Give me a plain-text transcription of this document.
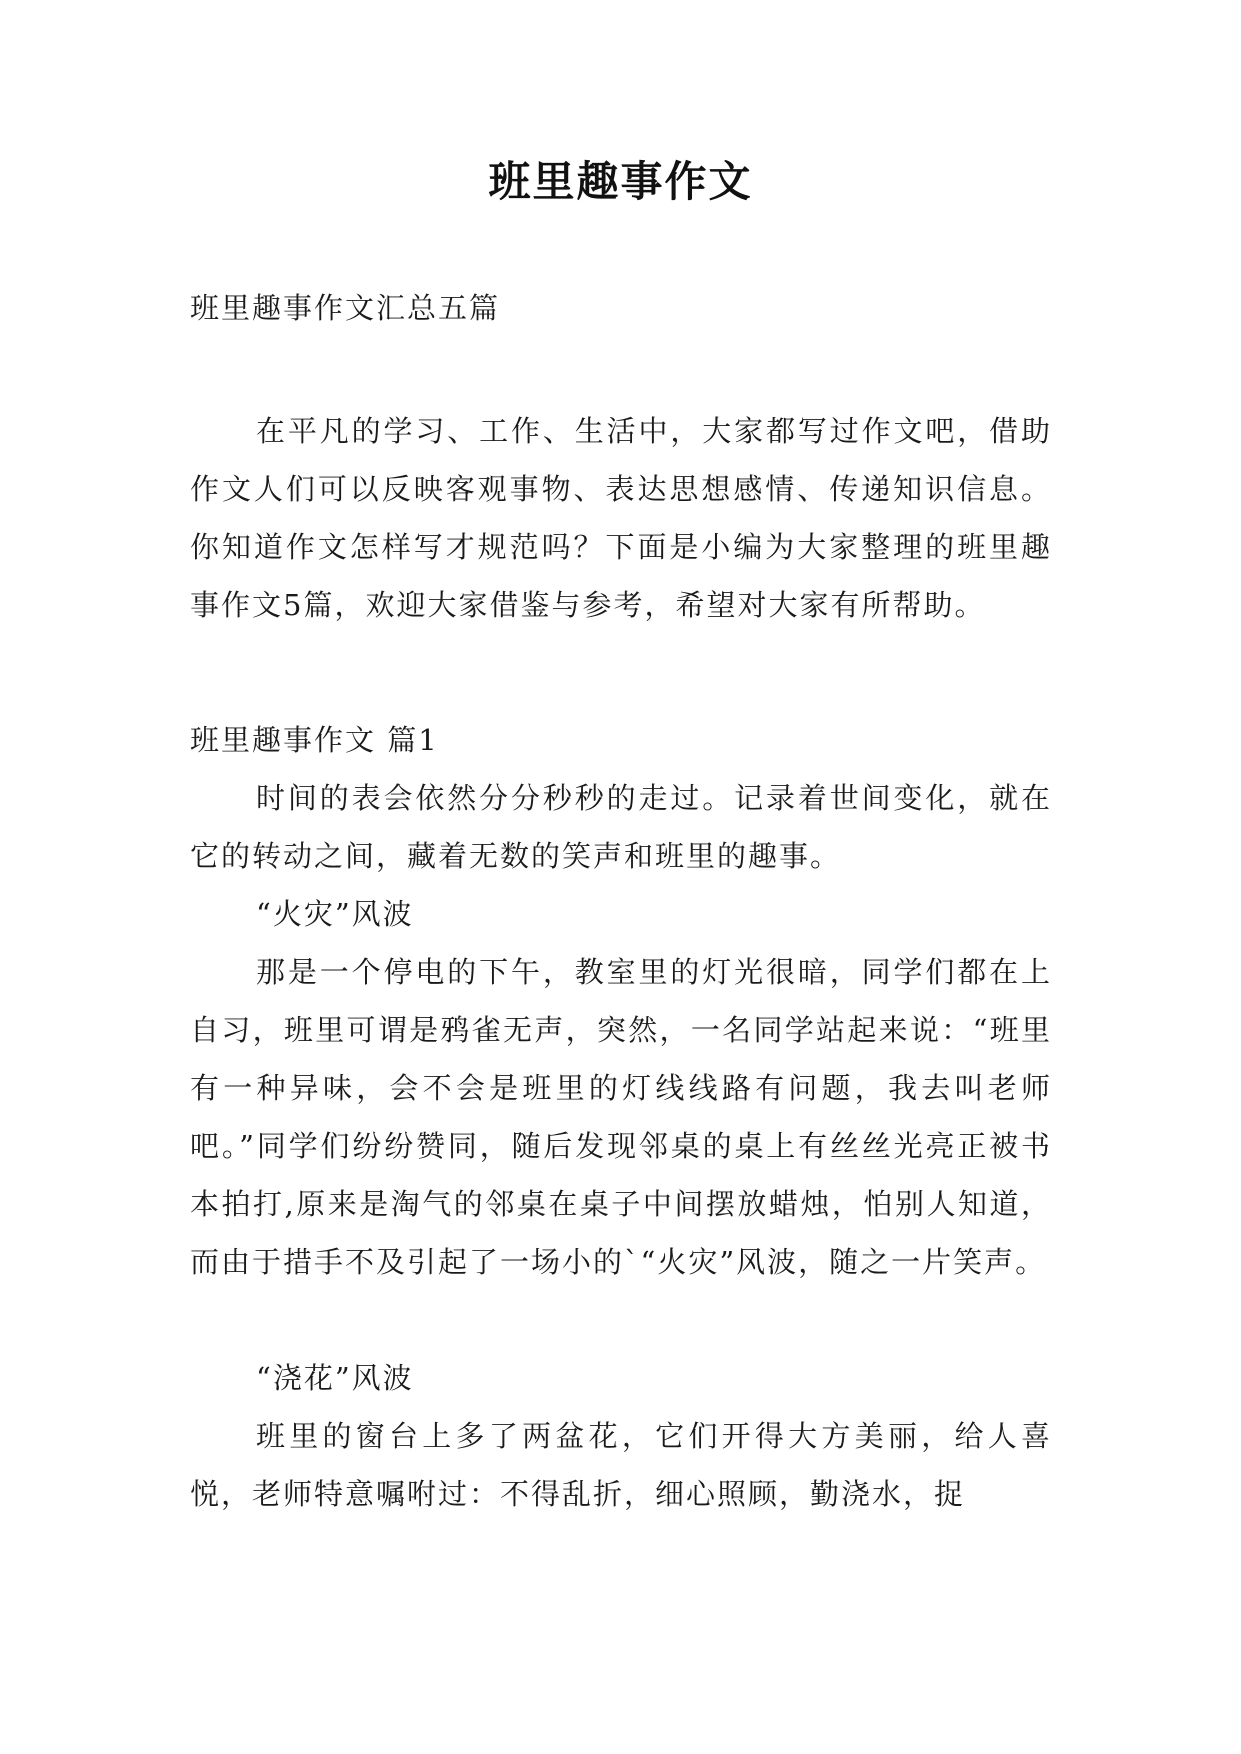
班里趣事作文
班里趣事作文汇总五篇

在平凡的学习、工作、生活中，大家都写过作文吧，借助作文人们可以反映客观事物、表达思想感情、传递知识信息。你知道作文怎样写才规范吗？下面是小编为大家整理的班里趣事作文5篇，欢迎大家借鉴与参考，希望对大家有所帮助。

班里趣事作文 篇1

时间的表会依然分分秒秒的走过。记录着世间变化，就在它的转动之间，藏着无数的笑声和班里的趣事。

“火灾”风波

那是一个停电的下午，教室里的灯光很暗，同学们都在上自习，班里可谓是鸦雀无声，突然，一名同学站起来说：“班里有一种异味，会不会是班里的灯线线路有问题，我去叫老师吧。”同学们纷纷赞同，随后发现邻桌的桌上有丝丝光亮正被书本拍打,原来是淘气的邻桌在桌子中间摆放蜡烛，怕别人知道，而由于措手不及引起了一场小的`“火灾”风波，随之一片笑声。

“浇花”风波

班里的窗台上多了两盆花，它们开得大方美丽，给人喜悦，老师特意嘱咐过：不得乱折，细心照顾，勤浇水，捉
